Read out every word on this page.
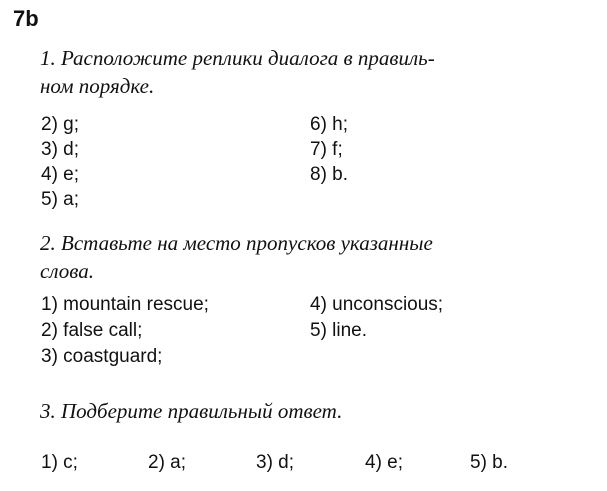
7b
1. Расположите реплики диалога в правиль-
ном порядке.
2) g;
3) d;
4) e;
5) a;
6) h;
7) f;
8) b.
2. Вставьте на место пропусков указанные
слова.
1) mountain rescue;
2) false call;
3) coastguard;
4) unconscious;
5) line.
3. Подберите правильный ответ.
1) c;	2) a;	3) d;	4) e;	5) b.
